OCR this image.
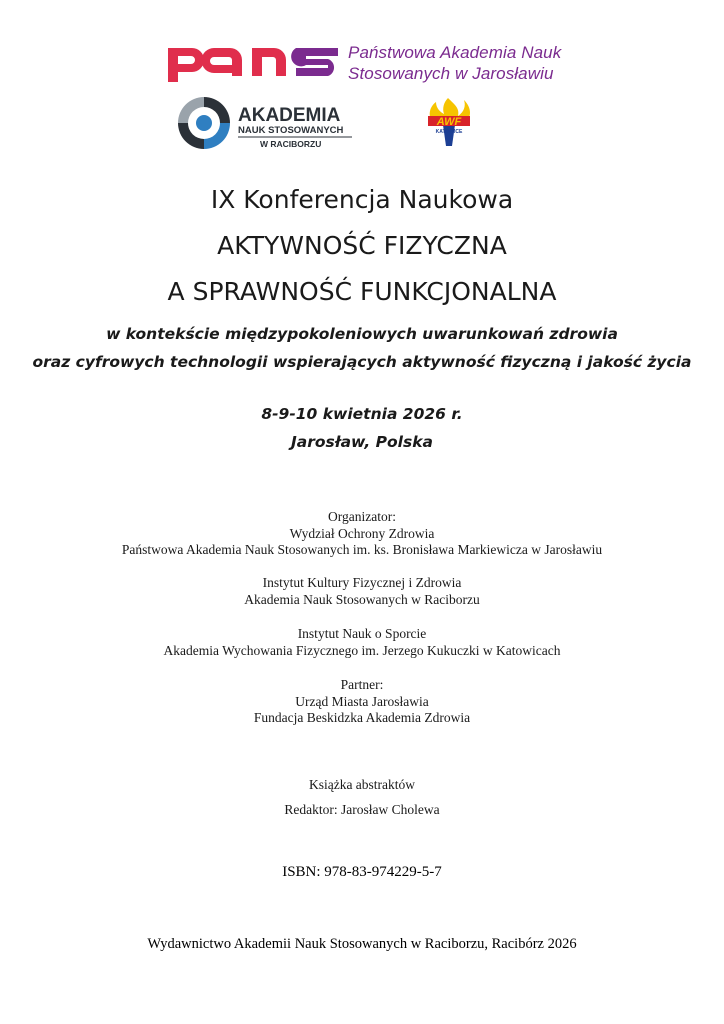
Państwowa Akademia Nauk
Stosowanych w Jarosławiu
AKADEMIA
NAUK STOSOWANYCH
W RACIBORZU
AWF
KATOWICE
IX Konferencja Naukowa
AKTYWNOŚĆ FIZYCZNA
A SPRAWNOŚĆ FUNKCJONALNA
w kontekście międzypokoleniowych uwarunkowań zdrowia
oraz cyfrowych technologii wspierających aktywność fizyczną i jakość życia
8-9-10 kwietnia 2026 r.
Jarosław, Polska
Organizator:
Wydział Ochrony Zdrowia
Państwowa Akademia Nauk Stosowanych im. ks. Bronisława Markiewicza w Jarosławiu
Instytut Kultury Fizycznej i Zdrowia
Akademia Nauk Stosowanych w Raciborzu
Instytut Nauk o Sporcie
Akademia Wychowania Fizycznego im. Jerzego Kukuczki w Katowicach
Partner:
Urząd Miasta Jarosławia
Fundacja Beskidzka Akademia Zdrowia
Książka abstraktów
Redaktor: Jarosław Cholewa
ISBN: 978-83-974229-5-7
Wydawnictwo Akademii Nauk Stosowanych w Raciborzu, Racibórz 2026
